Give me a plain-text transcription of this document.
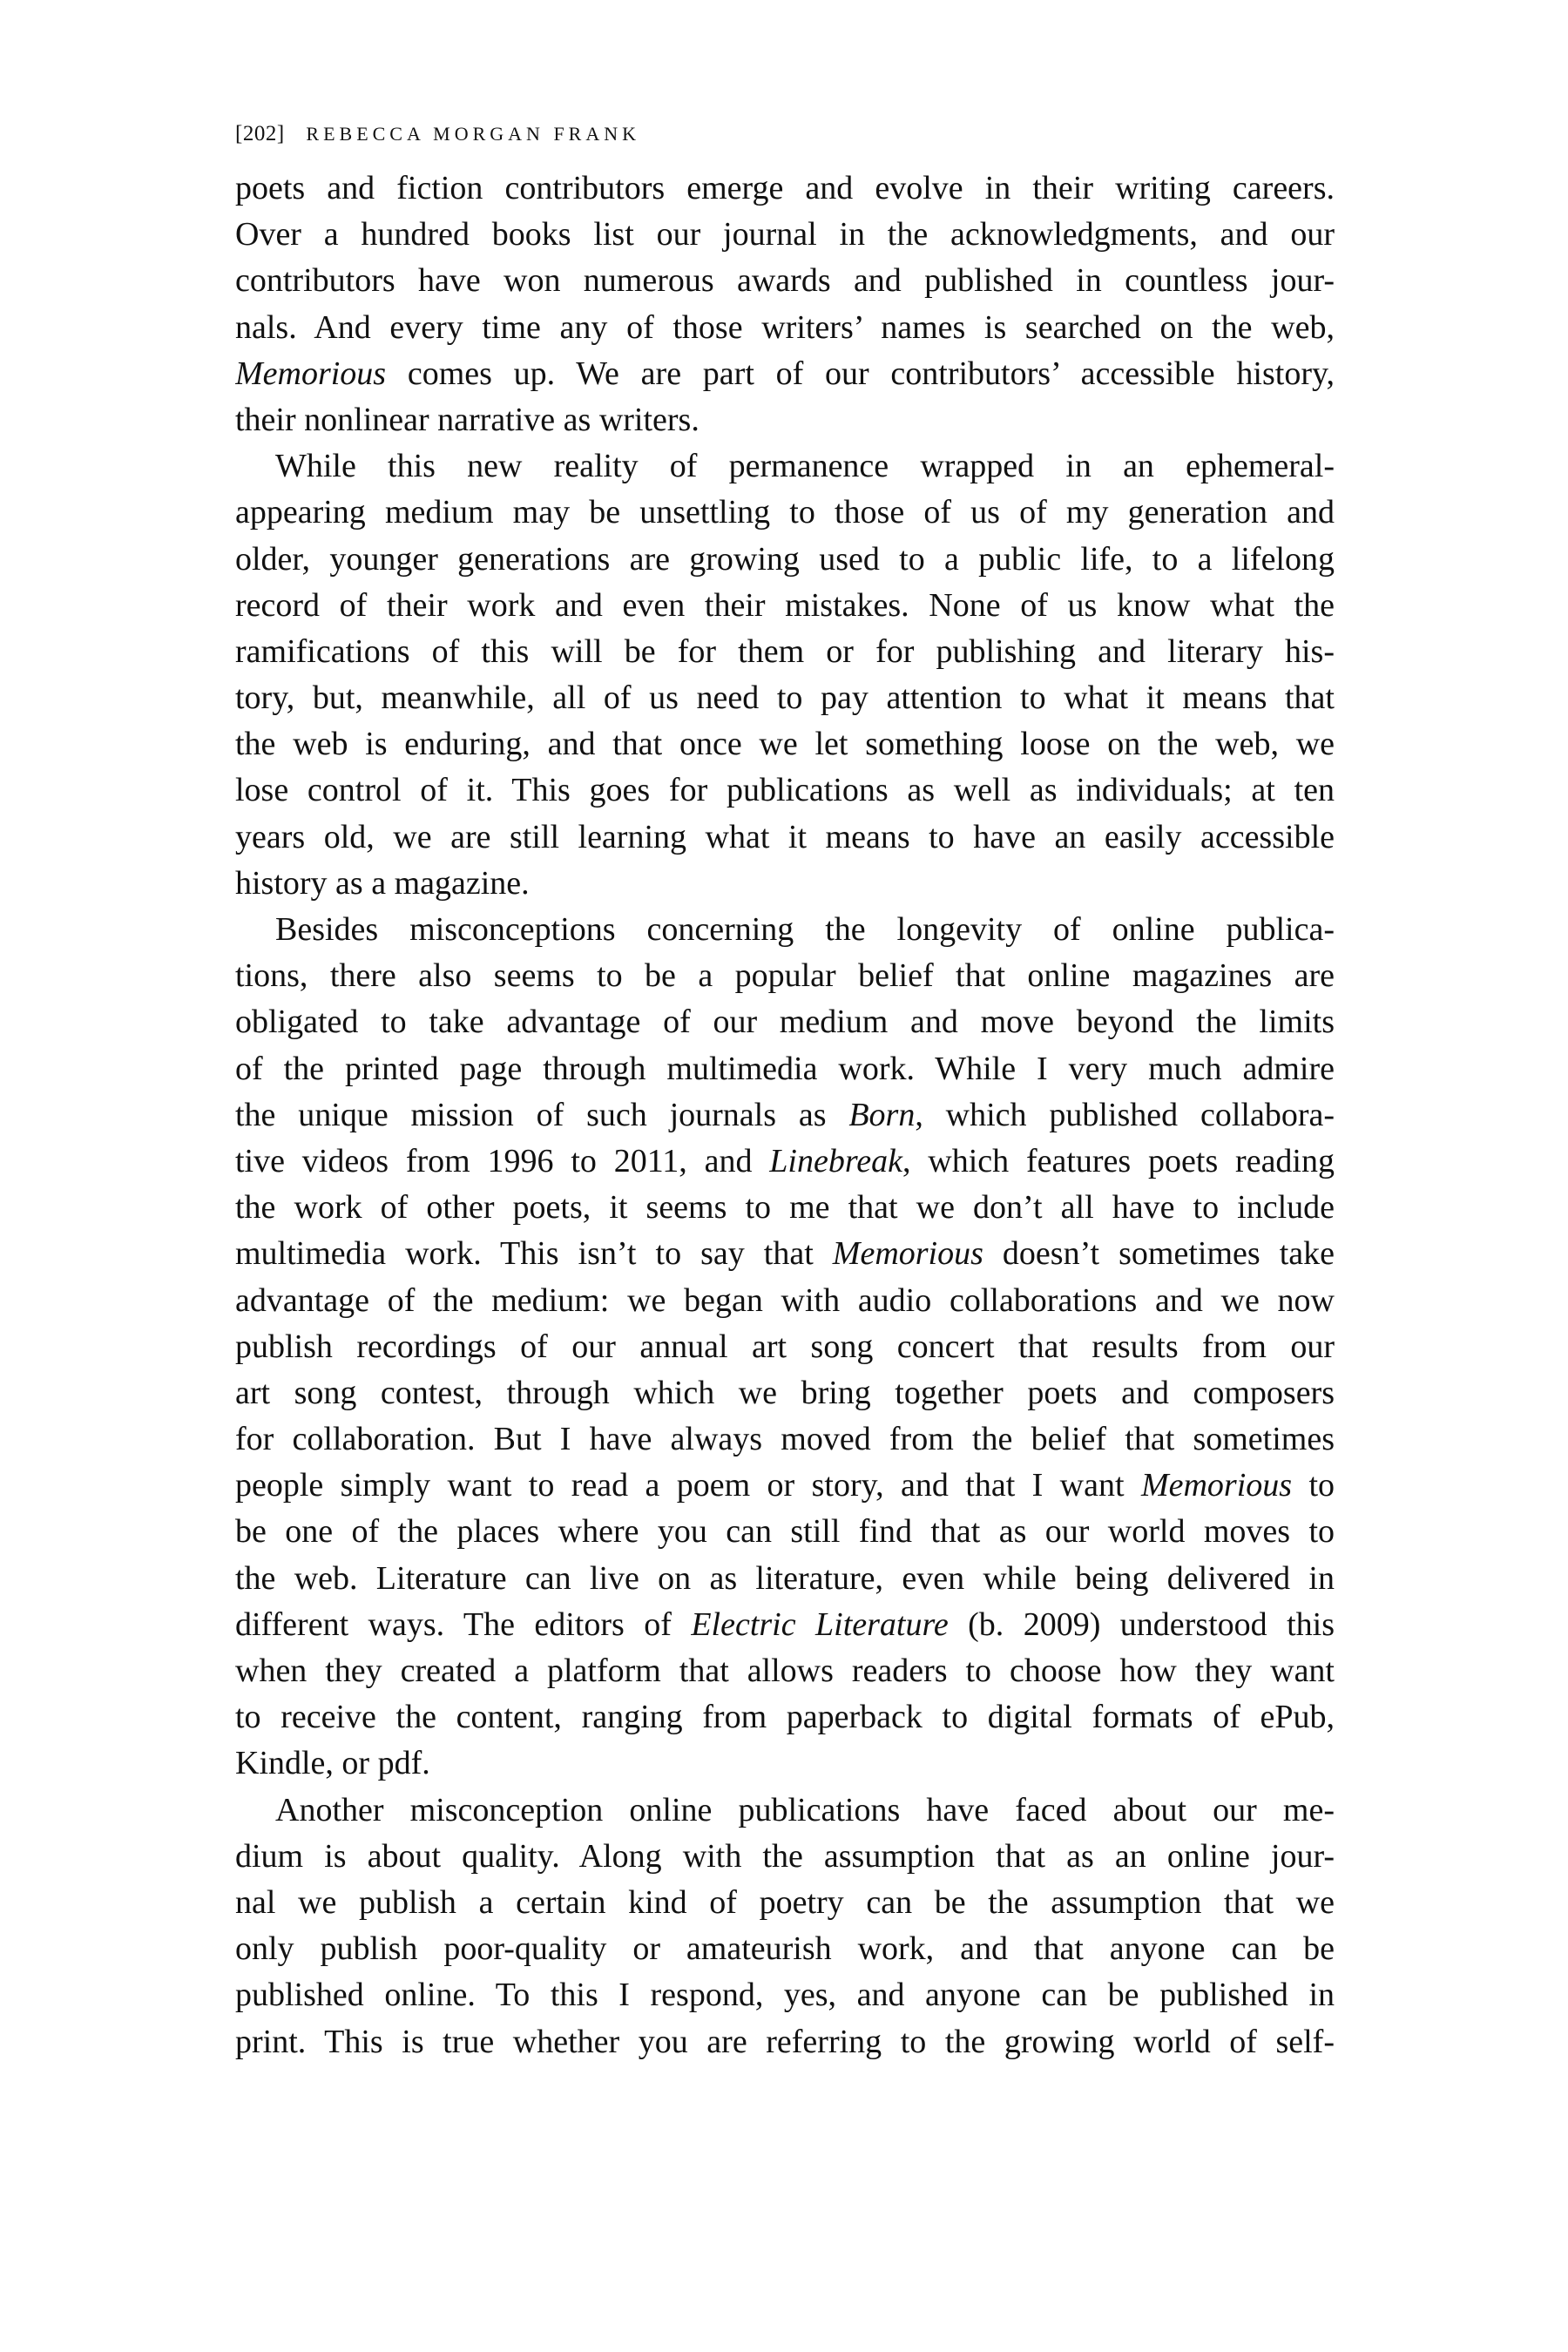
[202] REBECCA MORGAN FRANK
poets and fiction contributors emerge and evolve in their writing careers.
Over a hundred books list our journal in the acknowledgments, and our
contributors have won numerous awards and published in countless jour-
nals. And every time any of those writers’ names is searched on the web,
Memorious comes up. We are part of our contributors’ accessible history,
their nonlinear narrative as writers.
While this new reality of permanence wrapped in an ephemeral-
appearing medium may be unsettling to those of us of my generation and
older, younger generations are growing used to a public life, to a lifelong
record of their work and even their mistakes. None of us know what the
ramifications of this will be for them or for publishing and literary his-
tory, but, meanwhile, all of us need to pay attention to what it means that
the web is enduring, and that once we let something loose on the web, we
lose control of it. This goes for publications as well as individuals; at ten
years old, we are still learning what it means to have an easily accessible
history as a magazine.
Besides misconceptions concerning the longevity of online publica-
tions, there also seems to be a popular belief that online magazines are
obligated to take advantage of our medium and move beyond the limits
of the printed page through multimedia work. While I very much admire
the unique mission of such journals as Born, which published collabora-
tive videos from 1996 to 2011, and Linebreak, which features poets reading
the work of other poets, it seems to me that we don’t all have to include
multimedia work. This isn’t to say that Memorious doesn’t sometimes take
advantage of the medium: we began with audio collaborations and we now
publish recordings of our annual art song concert that results from our
art song contest, through which we bring together poets and composers
for collaboration. But I have always moved from the belief that sometimes
people simply want to read a poem or story, and that I want Memorious to
be one of the places where you can still find that as our world moves to
the web. Literature can live on as literature, even while being delivered in
different ways. The editors of Electric Literature (b. 2009) understood this
when they created a platform that allows readers to choose how they want
to receive the content, ranging from paperback to digital formats of ePub,
Kindle, or pdf.
Another misconception online publications have faced about our me-
dium is about quality. Along with the assumption that as an online jour-
nal we publish a certain kind of poetry can be the assumption that we
only publish poor-quality or amateurish work, and that anyone can be
published online. To this I respond, yes, and anyone can be published in
print. This is true whether you are referring to the growing world of self-
